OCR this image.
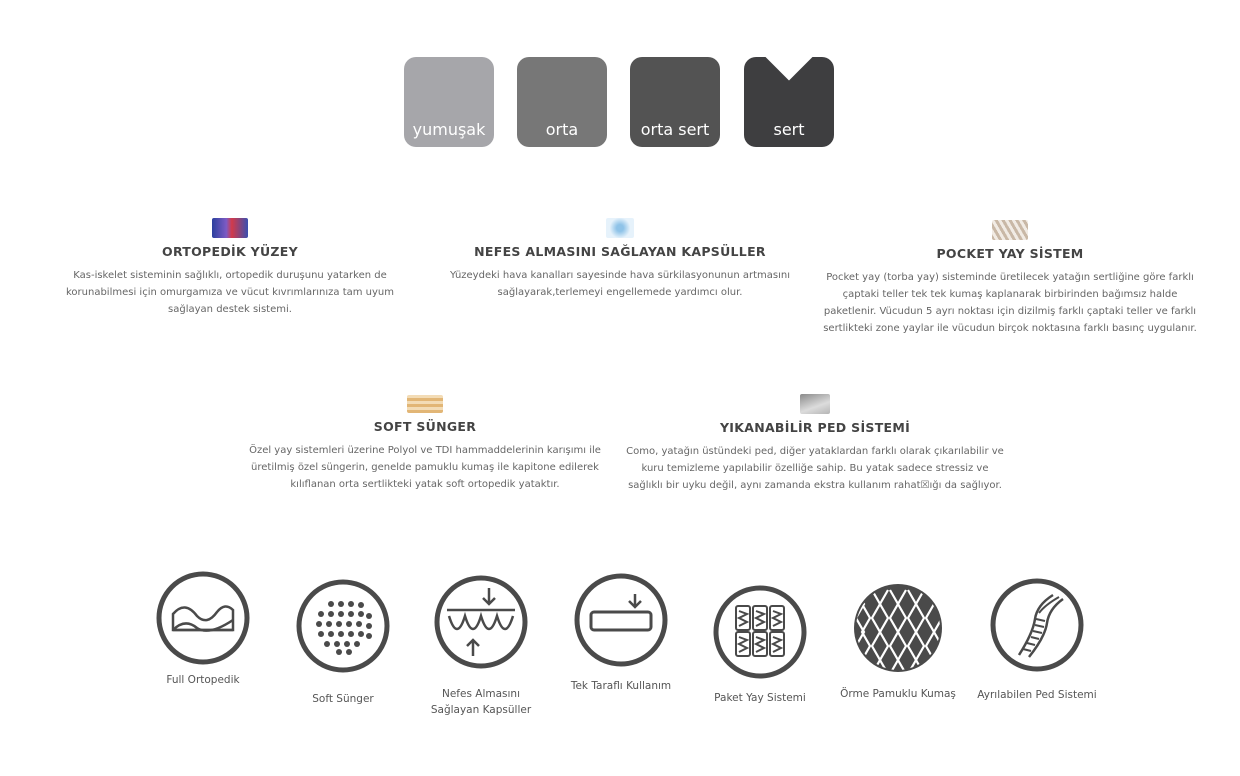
yumuşak	orta	orta sert	sert
ORTOPEDİK YÜZEY

Kas-iskelet sisteminin sağlıklı, ortopedik duruşunu yatarken de korunabilmesi için omurgamıza ve vücut kıvrımlarınıza tam uyum sağlayan destek sistemi.

NEFES ALMASINI SAĞLAYAN KAPSÜLLER

Yüzeydeki hava kanalları sayesinde hava sürkilasyonunun artmasını sağlayarak,terlemeyi engellemede yardımcı olur.

POCKET YAY SİSTEM

Pocket yay (torba yay) sisteminde üretilecek yatağın sertliğine göre farklı çaptaki teller tek tek kumaş kaplanarak birbirinden bağımsız halde paketlenir. Vücudun 5 ayrı noktası için dizilmiş farklı çaptaki teller ve farklı sertlikteki zone yaylar ile vücudun birçok noktasına farklı basınç uygulanır.

SOFT SÜNGER

Özel yay sistemleri üzerine Polyol ve TDI hammaddelerinin karışımı ile üretilmiş özel süngerin, genelde pamuklu kumaş ile kapitone edilerek kılıflanan orta sertlikteki yatak soft ortopedik yataktır.

YIKANABİLİR PED SİSTEMİ

Como, yatağın üstündeki ped, diğer yataklardan farklı olarak çıkarılabilir ve kuru temizleme yapılabilir özelliğe sahip. Bu yatak sadece stressiz ve sağlıklı bir uyku değil, aynı zamanda ekstra kullanım rahat☒ığı da sağlıyor.

Full Ortopedik
Soft Sünger	Nefes Almasını
Sağlayan Kapsüller
Tek Taraflı Kullanım
Paket Yay Sistemi	Örme Pamuklu Kumaş	Ayrılabilen Ped Sistemi
